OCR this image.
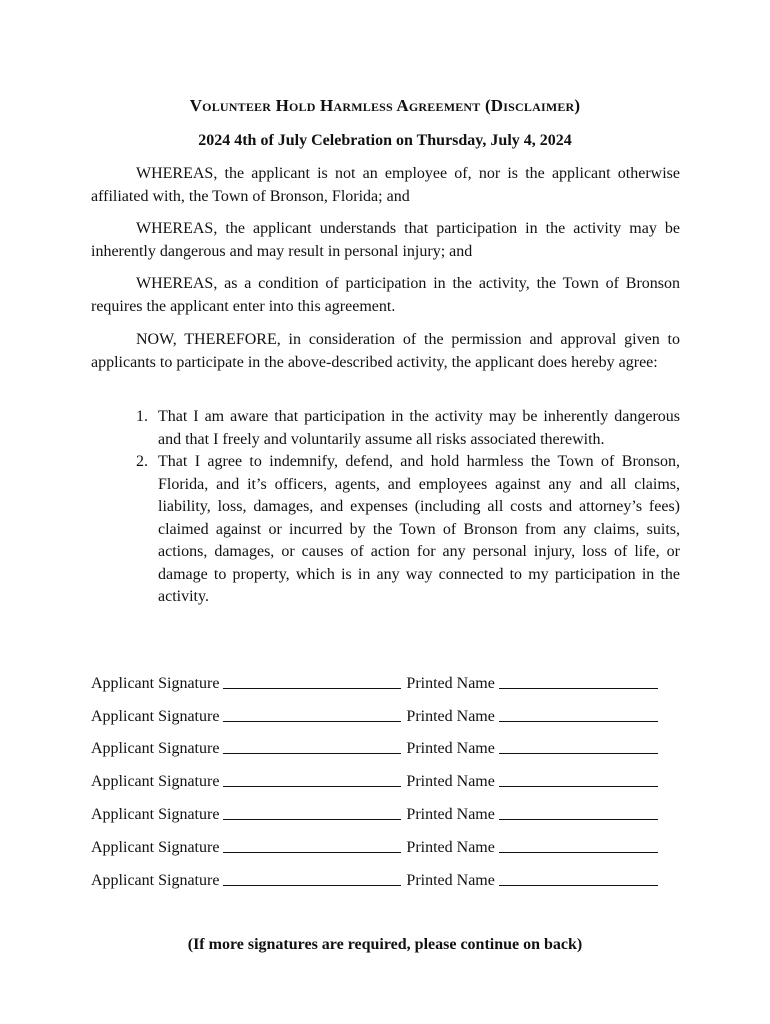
Volunteer Hold Harmless Agreement (Disclaimer)
2024 4th of July Celebration on Thursday, July 4, 2024

WHEREAS, the applicant is not an employee of, nor is the applicant otherwise affiliated with, the Town of Bronson, Florida; and

WHEREAS, the applicant understands that participation in the activity may be inherently dangerous and may result in personal injury; and

WHEREAS, as a condition of participation in the activity, the Town of Bronson requires the applicant enter into this agreement.

NOW, THEREFORE, in consideration of the permission and approval given to applicants to participate in the above-described activity, the applicant does hereby agree:

1. That I am aware that participation in the activity may be inherently dangerous and that I freely and voluntarily assume all risks associated therewith.
2. That I agree to indemnify, defend, and hold harmless the Town of Bronson, Florida, and it’s officers, agents, and employees against any and all claims, liability, loss, damages, and expenses (including all costs and attorney’s fees) claimed against or incurred by the Town of Bronson from any claims, suits, actions, damages, or causes of action for any personal injury, loss of life, or damage to property, which is in any way connected to my participation in the activity.
Applicant Signature	Printed Name
Applicant Signature	Printed Name
Applicant Signature	Printed Name
Applicant Signature	Printed Name
Applicant Signature	Printed Name
Applicant Signature	Printed Name
Applicant Signature	Printed Name
(If more signatures are required, please continue on back)
